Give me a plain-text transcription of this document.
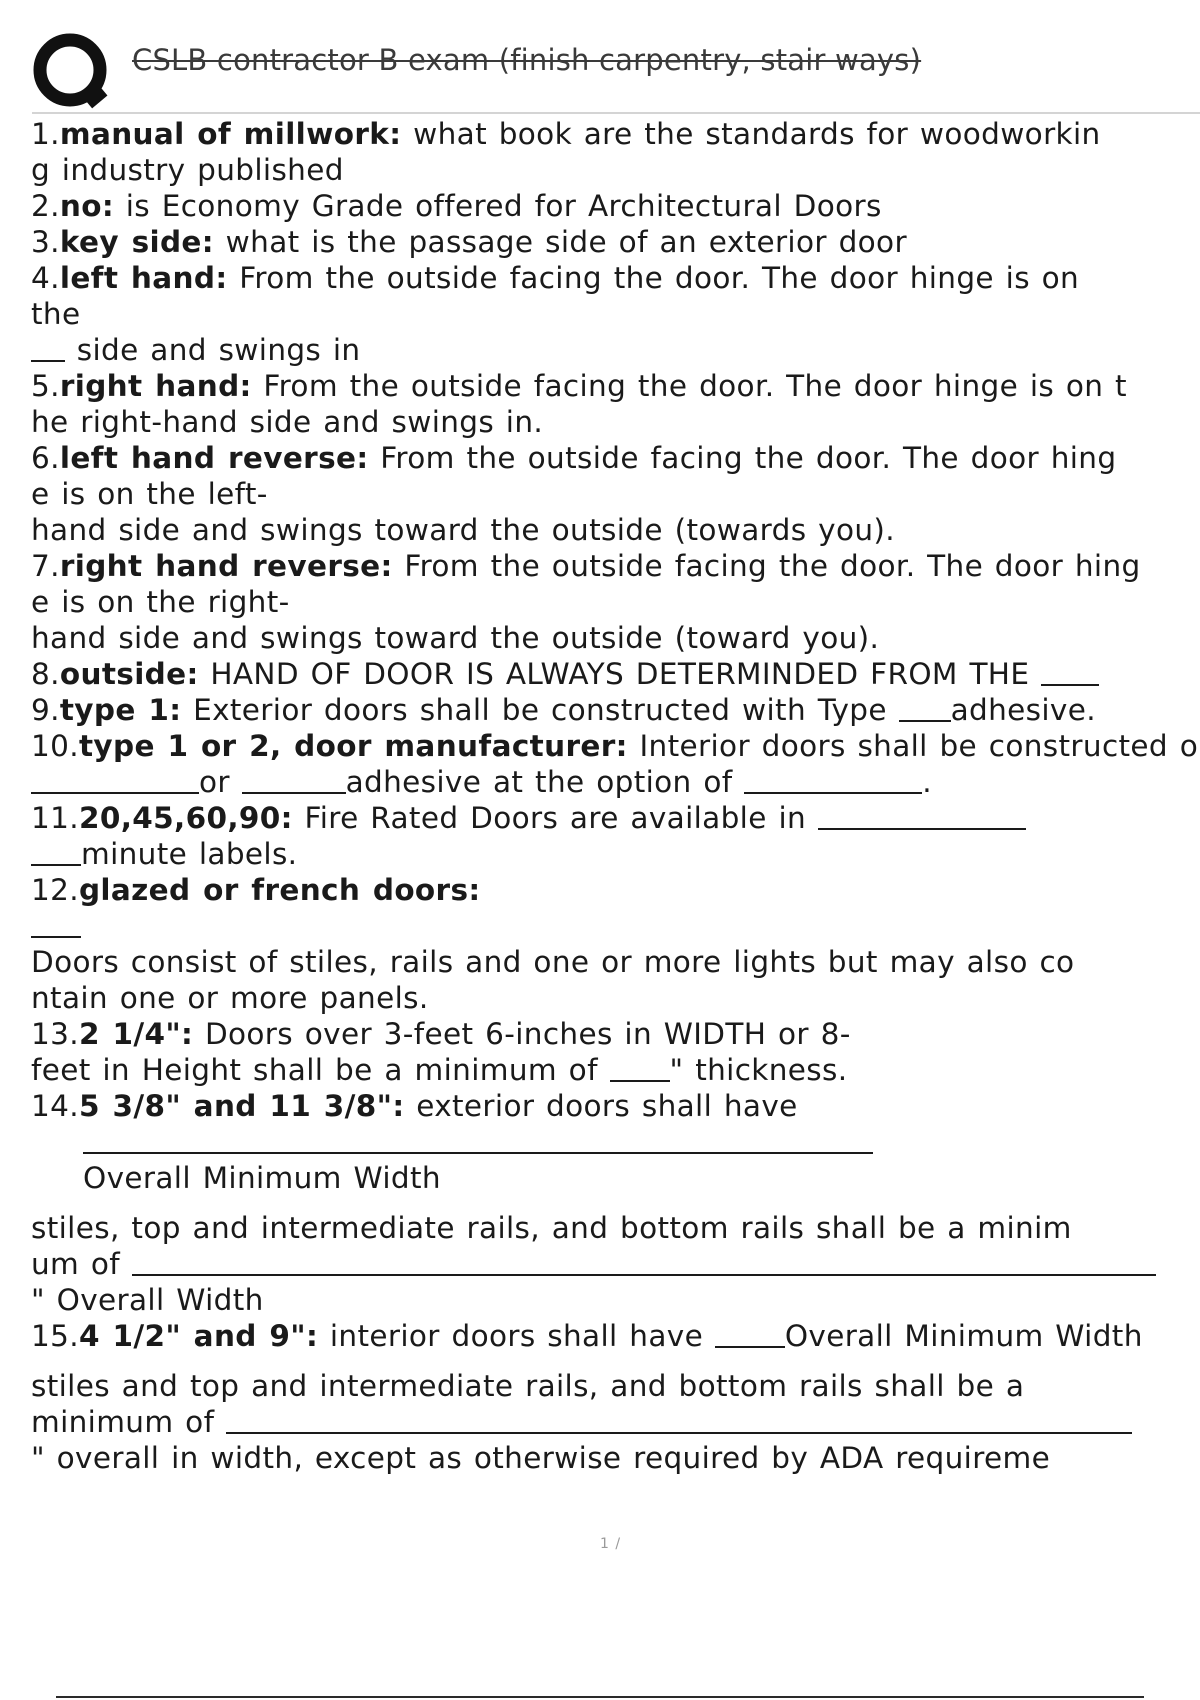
CSLB contractor B exam (finish carpentry, stair ways)
1.manual of millwork: what book are the standards for woodworkin
g industry published
2.no: is Economy Grade offered for Architectural Doors
3.key side: what is the passage side of an exterior door
4.left hand: From the outside facing the door. The door hinge is on
the
side and swings in
5.right hand: From the outside facing the door. The door hinge is on t
he right-hand side and swings in.
6.left hand reverse: From the outside facing the door. The door hing
e is on the left-
hand side and swings toward the outside (towards you).
7.right hand reverse: From the outside facing the door. The door hing
e is on the right-
hand side and swings toward the outside (toward you).
8.outside: HAND OF DOOR IS ALWAYS DETERMINDED FROM THE
9.type 1: Exterior doors shall be constructed with Type adhesive.
10.type 1 or 2, door manufacturer: Interior doors shall be constructed o
or	adhesive at the option of	.
11.20,45,60,90: Fire Rated Doors are available in
minute labels.
12.glazed or french doors:
Doors consist of stiles, rails and one or more lights but may also co
ntain one or more panels.
13.2 1/4": Doors over 3-feet 6-inches in WIDTH or 8-
feet in Height shall be a minimum of " thickness.
14.5 3/8" and 11 3/8": exterior doors shall have
Overall Minimum Width
stiles, top and intermediate rails, and bottom rails shall be a minim
um of
" Overall Width
15.4 1/2" and 9": interior doors shall have Overall Minimum Width
stiles and top and intermediate rails, and bottom rails shall be a
minimum of
" overall in width, except as otherwise required by ADA requireme
1 /
